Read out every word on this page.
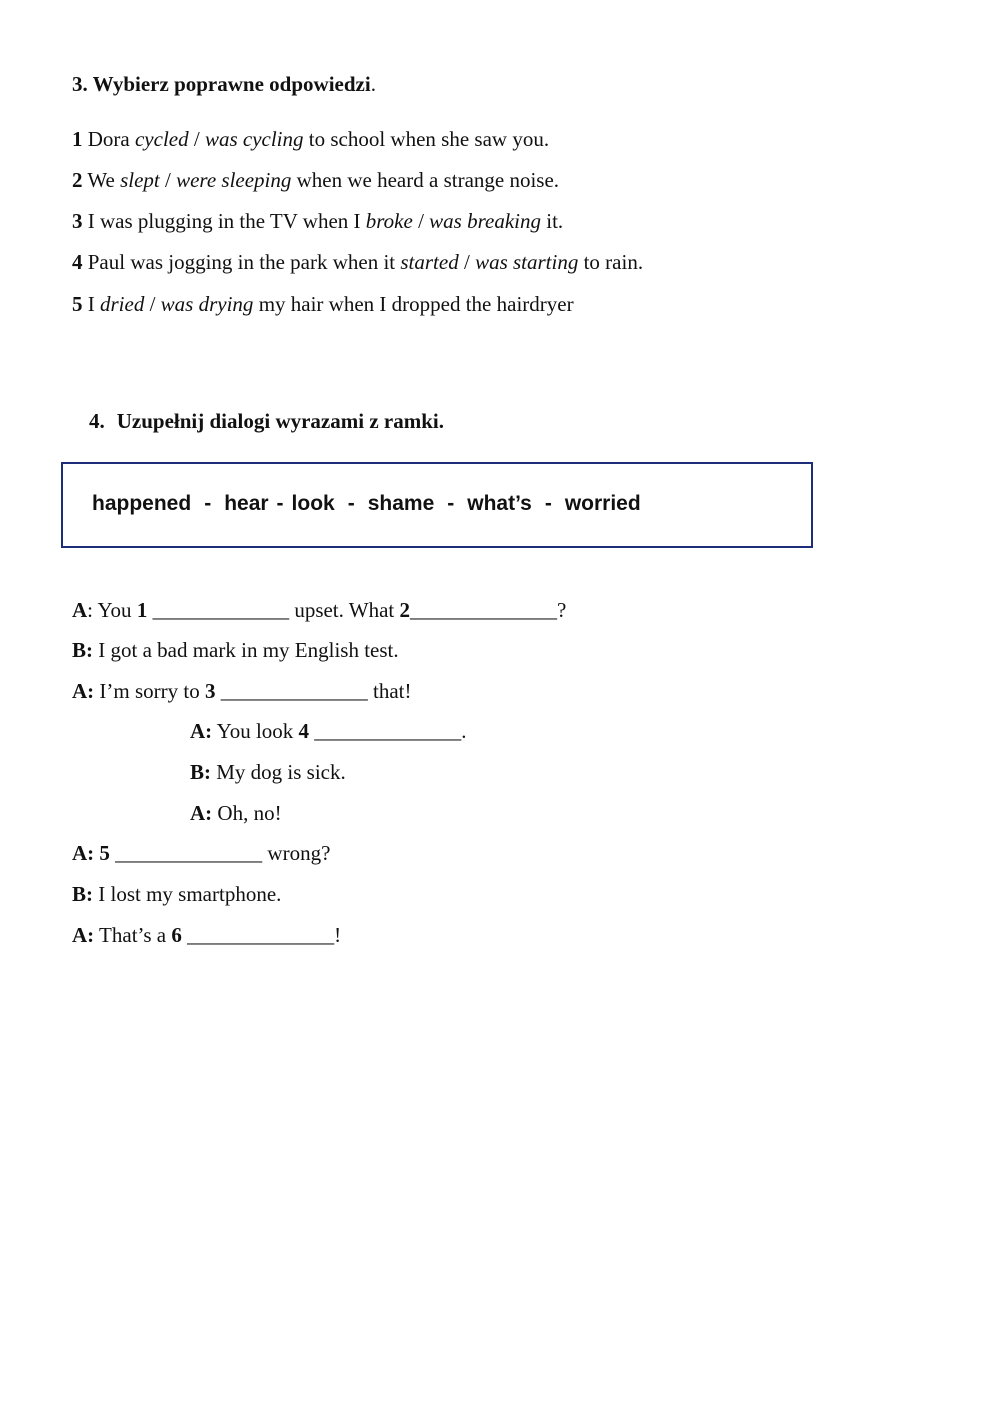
3. Wybierz poprawne odpowiedzi.
1 Dora cycled / was cycling to school when she saw you.
2 We slept / were sleeping when we heard a strange noise.
3 I was plugging in the TV when I broke / was breaking it.
4 Paul was jogging in the park when it started / was starting to rain.
5 I dried / was drying my hair when I dropped the hairdryer
4. Uzupełnij dialogi wyrazami z ramki.
happened - hear - look - shame - what’s - worried
A: You 1 _____________ upset. What 2______________?
B: I got a bad mark in my English test.
A: I’m sorry to 3 ______________ that!
A: You look 4 ______________.
B: My dog is sick.
A: Oh, no!
A: 5 ______________ wrong?
B: I lost my smartphone.
A: That’s a 6 ______________!
